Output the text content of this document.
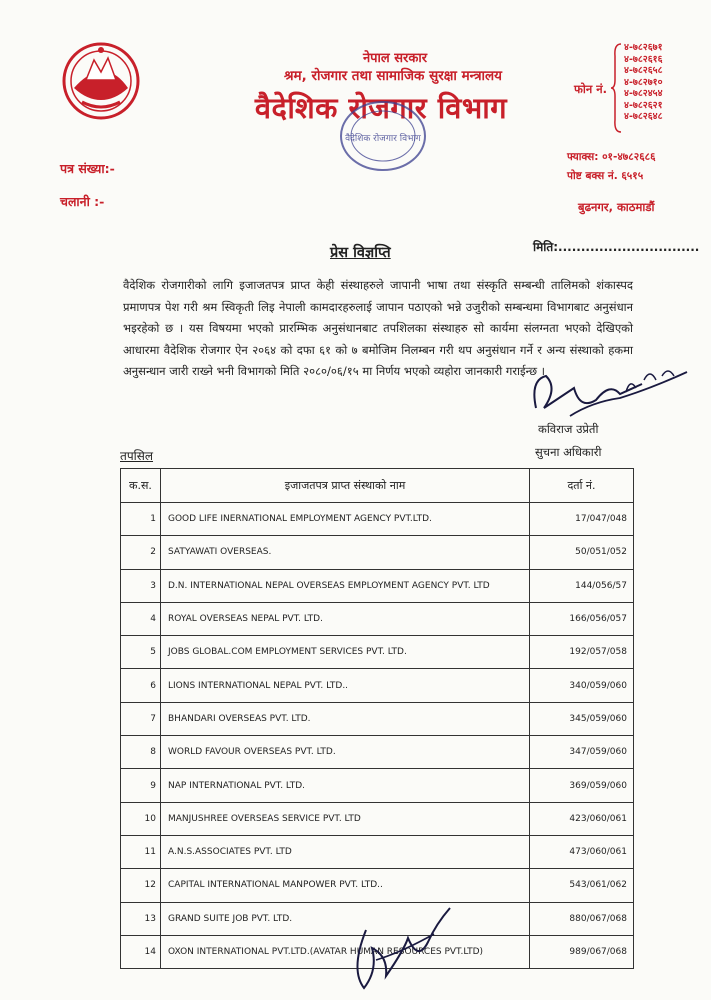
नेपाल सरकार
श्रम, रोजगार तथा सामाजिक सुरक्षा मन्त्रालय
वैदेशिक रोजगार विभाग
वैदेशिक रोजगार विभाग
फोन नं.
४-७८२६७१
४-७८२६१६
४-७८२६५८
४-७८२७१०
४-७८२४५४
४-७८२६२१
४-७८२६४८
फ्याक्स: ०१-४७८२६८६
पोष्ट बक्स नं. ६५१५
पत्र संख्या:-
चलानी :-	बुढनगर, काठमाडौं
प्रेस विज्ञप्ति	मिति:...............................
वैदेशिक रोजगारीको लागि इजाजतपत्र प्राप्त केही संस्थाहरुले जापानी भाषा तथा संस्कृति सम्बन्धी तालिमको शंकास्पद प्रमाणपत्र पेश गरी श्रम स्विकृती लिइ नेपाली कामदारहरुलाई जापान पठाएको भन्ने उजुरीको सम्बन्धमा विभागबाट अनुसंधान भइरहेको छ । यस विषयमा भएको प्रारम्भिक अनुसंधानबाट तपशिलका संस्थाहरु सो कार्यमा संलग्नता भएको देखिएको आधारमा वैदेशिक रोजगार ऐन २०६४ को दफा ६१ को ७ बमोजिम निलम्बन गरी थप अनुसंधान गर्ने र अन्य संस्थाको हकमा अनुसन्धान जारी राख्ने भनी विभागको मिति २०८०/०६/१५ मा निर्णय भएको व्यहोरा जानकारी गराईन्छ ।
कविराज उप्रेती
सुचना अधिकारी
तपसिल
क.स.	इजाजतपत्र प्राप्त संस्थाको नाम	दर्ता नं.
1	GOOD LIFE INERNATIONAL EMPLOYMENT AGENCY PVT.LTD.	17/047/048
2	SATYAWATI OVERSEAS.	50/051/052
3	D.N. INTERNATIONAL NEPAL OVERSEAS EMPLOYMENT AGENCY PVT. LTD	144/056/57
4	ROYAL OVERSEAS NEPAL PVT. LTD.	166/056/057
5	JOBS GLOBAL.COM EMPLOYMENT SERVICES PVT. LTD.	192/057/058
6	LIONS INTERNATIONAL NEPAL PVT. LTD..	340/059/060
7	BHANDARI OVERSEAS PVT. LTD.	345/059/060
8	WORLD FAVOUR OVERSEAS PVT. LTD.	347/059/060
9	NAP INTERNATIONAL PVT. LTD.	369/059/060
10	MANJUSHREE OVERSEAS SERVICE PVT. LTD	423/060/061
11	A.N.S.ASSOCIATES PVT. LTD	473/060/061
12	CAPITAL INTERNATIONAL MANPOWER PVT. LTD..	543/061/062
13	GRAND SUITE JOB PVT. LTD.	880/067/068
14	OXON INTERNATIONAL PVT.LTD.(AVATAR HUMAN RESOURCES PVT.LTD)	989/067/068
